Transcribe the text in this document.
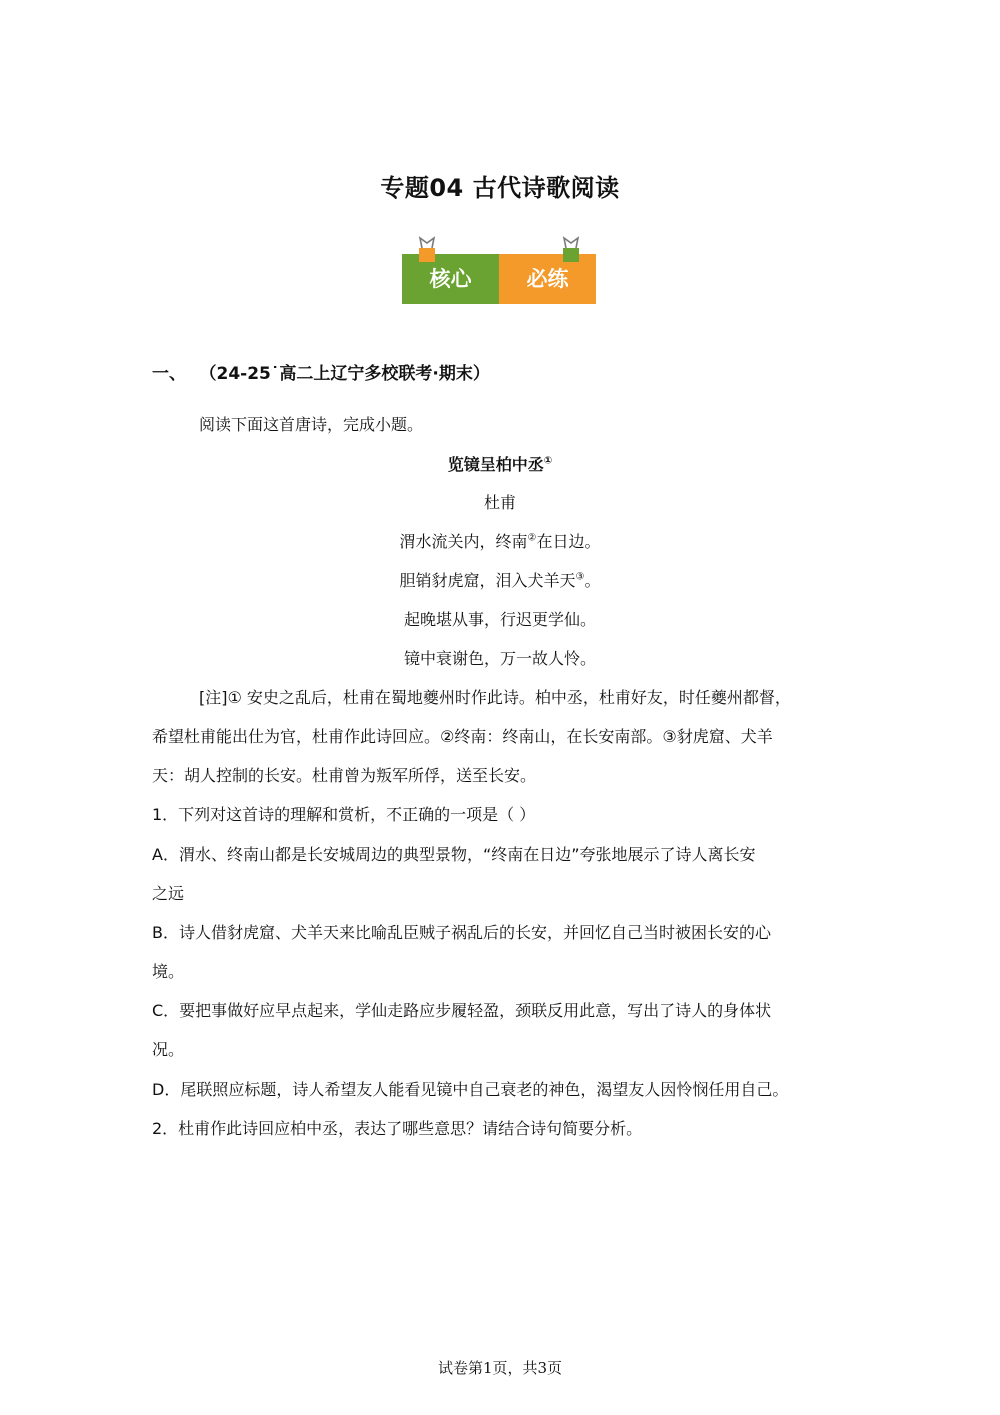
专题04 古代诗歌阅读
核心	必练
一、 （24-25˙高二上辽宁多校联考·期末）
阅读下面这首唐诗，完成小题。
览镜呈柏中丞①
杜甫
渭水流关内，终南②在日边。
胆销豺虎窟，泪入犬羊天③。
起晚堪从事，行迟更学仙。
镜中衰谢色，万一故人怜。
[注]① 安史之乱后，杜甫在蜀地夔州时作此诗。柏中丞，杜甫好友，时任夔州都督，
希望杜甫能出仕为官，杜甫作此诗回应。②终南：终南山，在长安南部。③豺虎窟、犬羊
天：胡人控制的长安。杜甫曾为叛军所俘，送至长安。
1．下列对这首诗的理解和赏析，不正确的一项是（ ）
A．渭水、终南山都是长安城周边的典型景物，“终南在日边”夸张地展示了诗人离长安
之远
B．诗人借豺虎窟、犬羊天来比喻乱臣贼子祸乱后的长安，并回忆自己当时被困长安的心
境。
C．要把事做好应早点起来，学仙走路应步履轻盈，颈联反用此意，写出了诗人的身体状
况。
D．尾联照应标题，诗人希望友人能看见镜中自己衰老的神色，渴望友人因怜悯任用自己。
2．杜甫作此诗回应柏中丞，表达了哪些意思？请结合诗句简要分析。
试卷第1页，共3页
